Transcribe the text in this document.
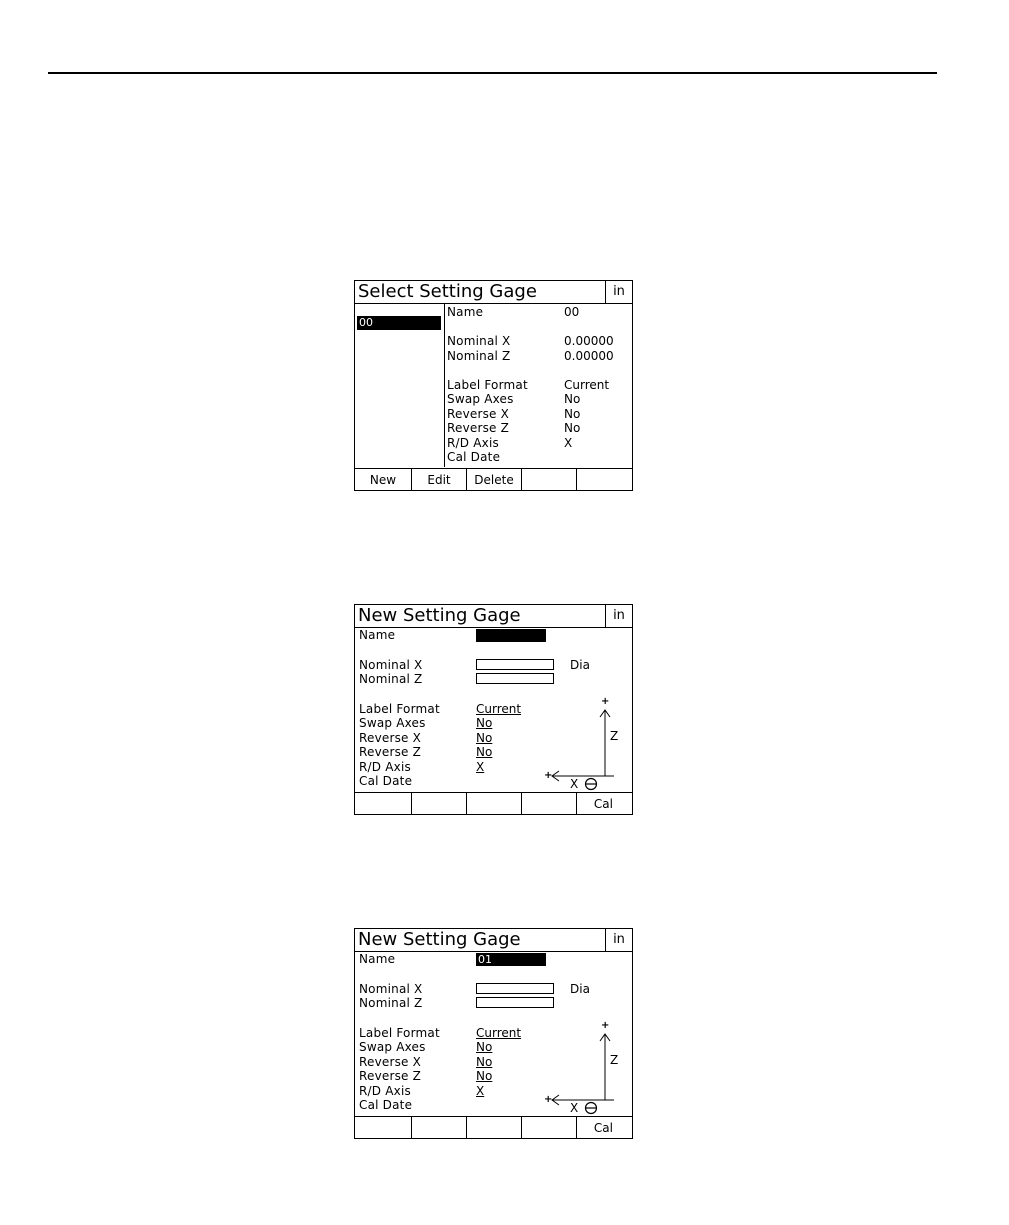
Select Setting Gage	in
00
Name	00
Nominal X	0.00000
Nominal Z	0.00000
Label Format	Current
Swap Axes	No
Reverse X	No
Reverse Z	No
R/D Axis	X
Cal Date
New	Edit	Delete
New Setting Gage	in
Name
Nominal X	Dia
Nominal Z
Label Format	Current
Swap Axes	No
Reverse X	No
Reverse Z	No
R/D Axis	X
Cal Date
+
Z
+
X
Cal
New Setting Gage	in
Name	01
Nominal X	Dia
Nominal Z
Label Format	Current
Swap Axes	No
Reverse X	No
Reverse Z	No
R/D Axis	X
Cal Date
+
Z
+
X
Cal
